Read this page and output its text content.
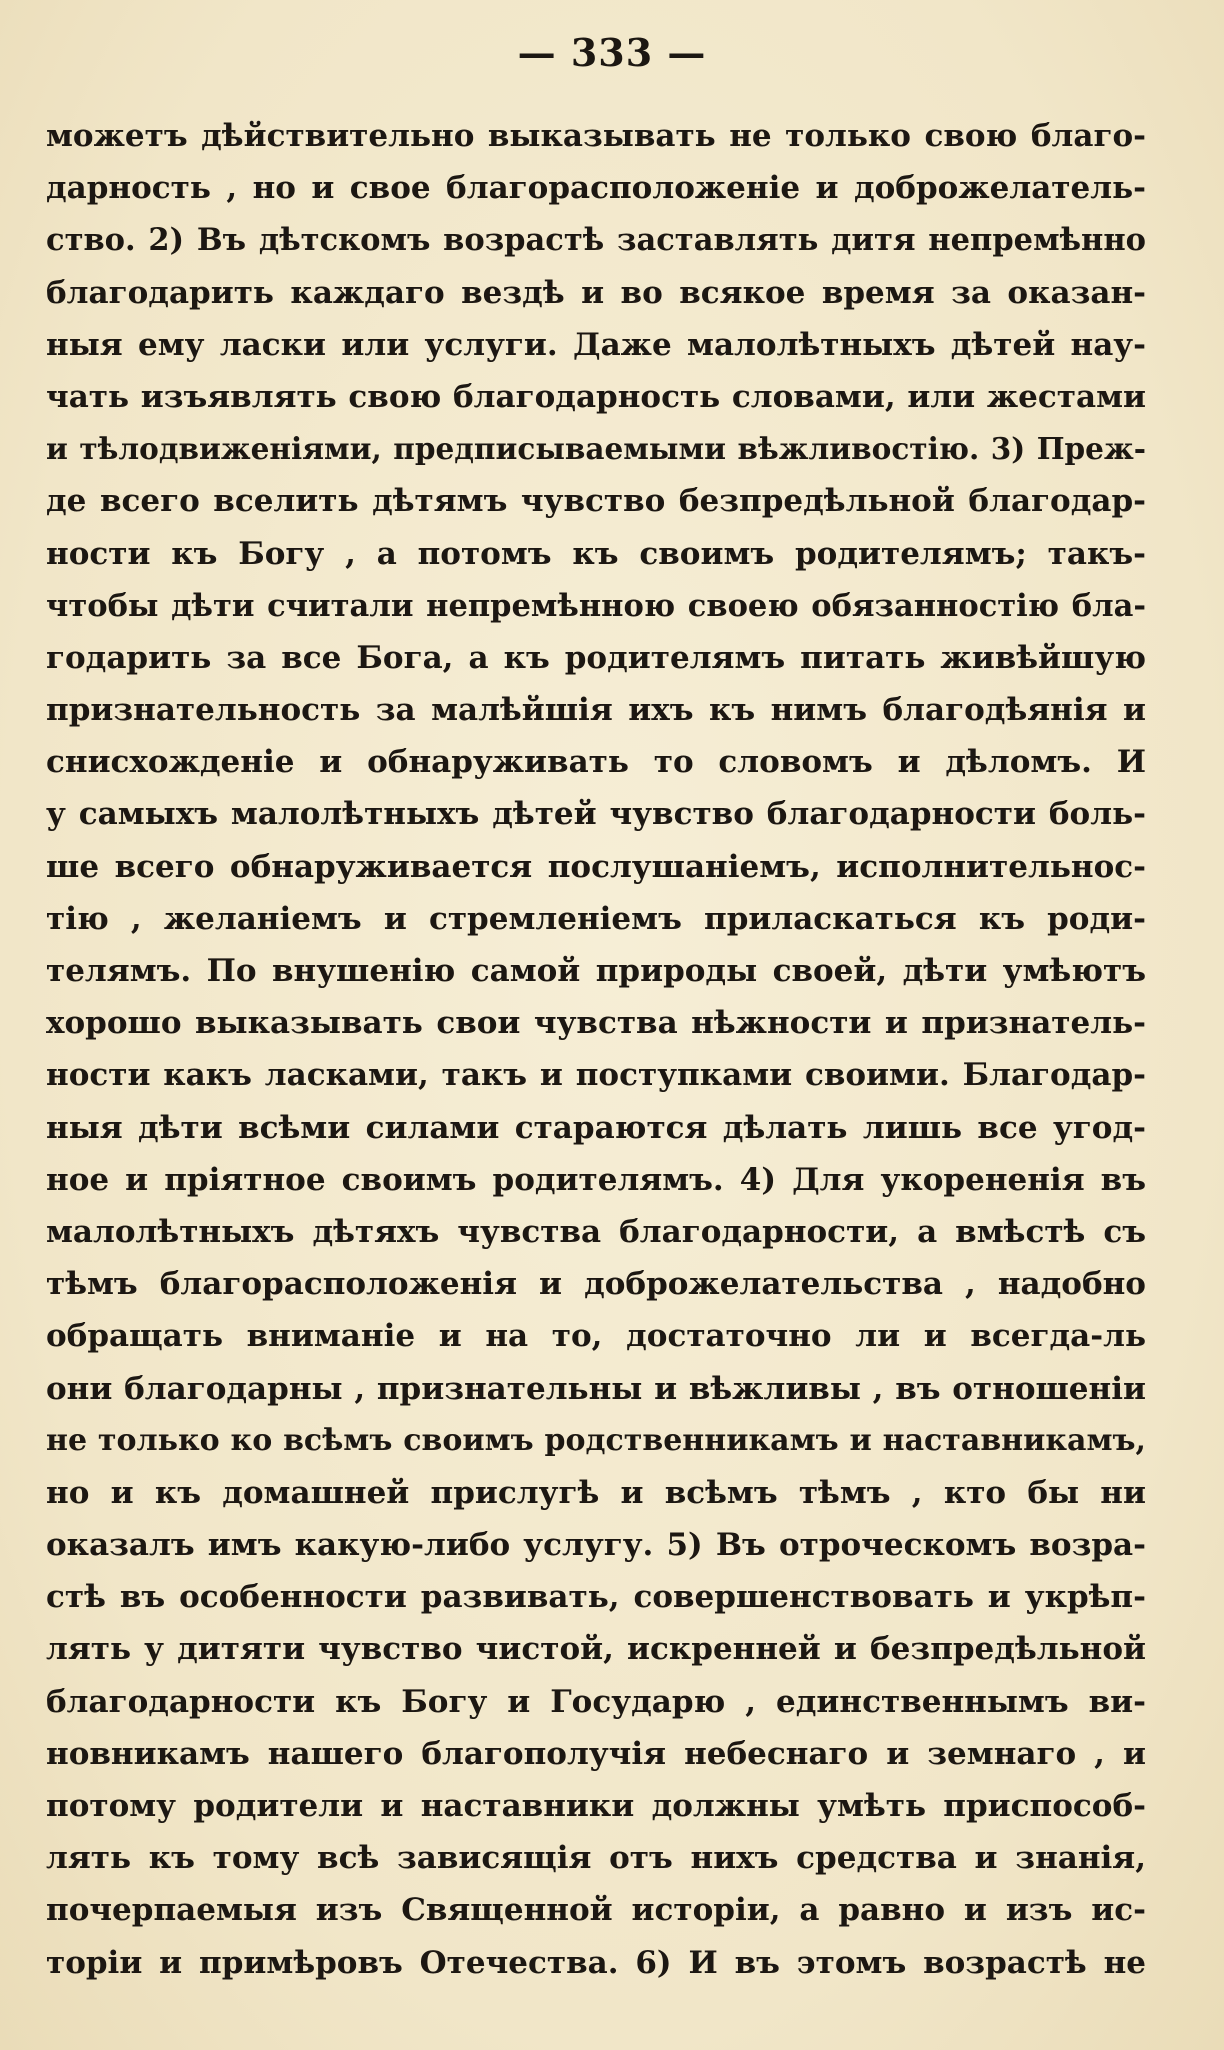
— 333 —
можетъ дѣйствительно выказывать не только свою благо-
дарность , но и свое благорасположеніе и доброжелатель-
ство. 2) Въ дѣтскомъ возрастѣ заставлять дитя непремѣнно
благодарить каждаго вездѣ и во всякое время за оказан-
ныя ему ласки или услуги. Даже малолѣтныхъ дѣтей нау-
чать изъявлять свою благодарность словами, или жестами
и тѣлодвиженіями, предписываемыми вѣжливостію. 3) Преж-
де всего вселить дѣтямъ чувство безпредѣльной благодар-
ности къ Богу , а потомъ къ своимъ родителямъ; такъ-
чтобы дѣти считали непремѣнною своею обязанностію бла-
годарить за все Бога, а къ родителямъ питать живѣйшую
признательность за малѣйшія ихъ къ нимъ благодѣянія и
снисхожденіе и обнаруживать то словомъ и дѣломъ. И
у самыхъ малолѣтныхъ дѣтей чувство благодарности боль-
ше всего обнаруживается послушаніемъ, исполнительнос-
тію , желаніемъ и стремленіемъ приласкаться къ роди-
телямъ. По внушенію самой природы своей, дѣти умѣютъ
хорошо выказывать свои чувства нѣжности и признатель-
ности какъ ласками, такъ и поступками своими. Благодар-
ныя дѣти всѣми силами стараются дѣлать лишь все угод-
ное и пріятное своимъ родителямъ. 4) Для укорененія въ
малолѣтныхъ дѣтяхъ чувства благодарности, а вмѣстѣ съ
тѣмъ благорасположенія и доброжелательства , надобно
обращать вниманіе и на то, достаточно ли и всегда-ль
они благодарны , признательны и вѣжливы , въ отношеніи
не только ко всѣмъ своимъ родственникамъ и наставникамъ,
но и къ домашней прислугѣ и всѣмъ тѣмъ , кто бы ни
оказалъ имъ какую-либо услугу. 5) Въ отроческомъ возра-
стѣ въ особенности развивать, совершенствовать и укрѣп-
лять у дитяти чувство чистой, искренней и безпредѣльной
благодарности къ Богу и Государю , единственнымъ ви-
новникамъ нашего благополучія небеснаго и земнаго , и
потому родители и наставники должны умѣть приспособ-
лять къ тому всѣ зависящія отъ нихъ средства и знанія,
почерпаемыя изъ Священной исторіи, а равно и изъ ис-
торіи и примѣровъ Отечества. 6) И въ этомъ возрастѣ не
